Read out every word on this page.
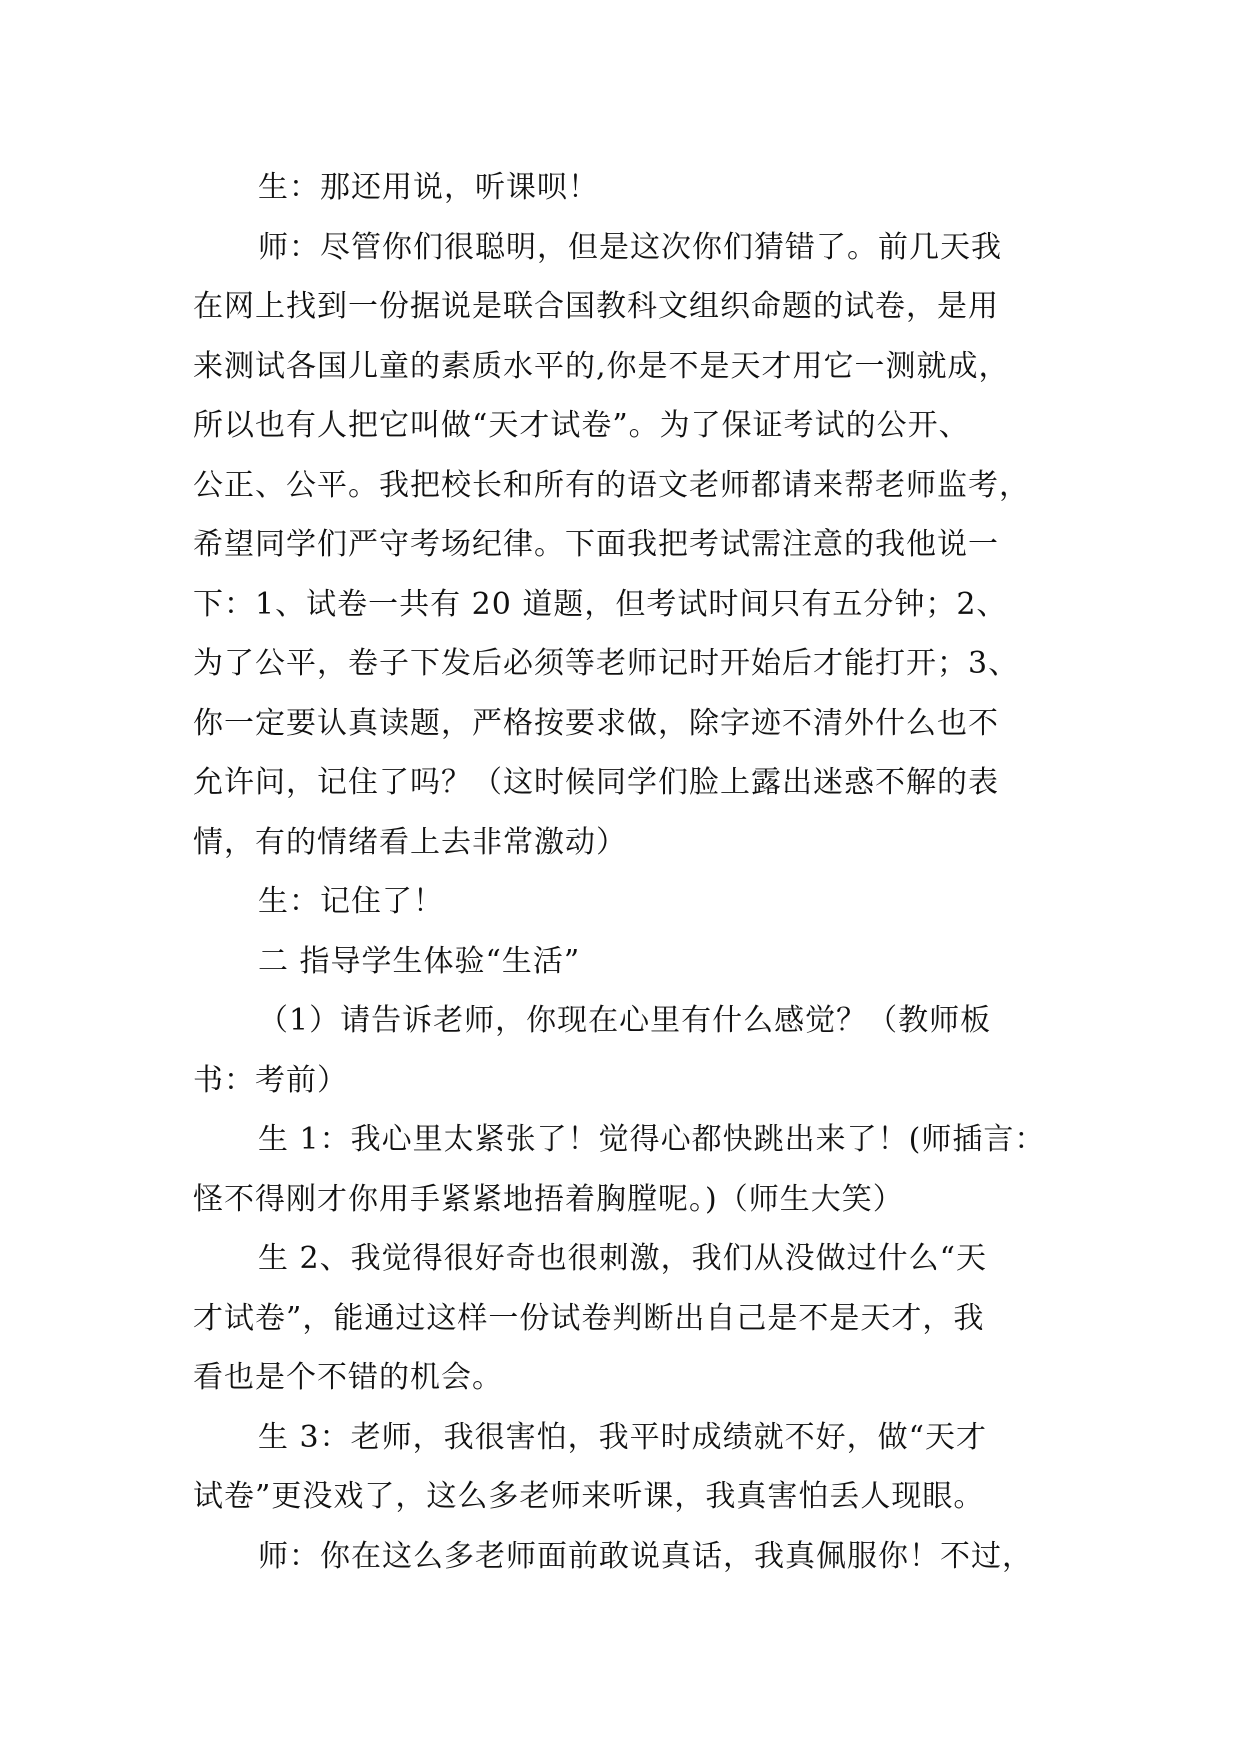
生：那还用说，听课呗！
师：尽管你们很聪明，但是这次你们猜错了。前几天我
在网上找到一份据说是联合国教科文组织命题的试卷，是用
来测试各国儿童的素质水平的,你是不是天才用它一测就成，
所以也有人把它叫做“天才试卷”。为了保证考试的公开、
公正、公平。我把校长和所有的语文老师都请来帮老师监考，
希望同学们严守考场纪律。下面我把考试需注意的我他说一
下：1、试卷一共有 20 道题，但考试时间只有五分钟；2、
为了公平，卷子下发后必须等老师记时开始后才能打开；3、
你一定要认真读题，严格按要求做，除字迹不清外什么也不
允许问，记住了吗？（这时候同学们脸上露出迷惑不解的表
情，有的情绪看上去非常激动）
生：记住了！
二 指导学生体验“生活”
（1）请告诉老师，你现在心里有什么感觉？（教师板
书：考前）
生 1：我心里太紧张了！觉得心都快跳出来了！(师插言：
怪不得刚才你用手紧紧地捂着胸膛呢。)（师生大笑）
生 2、我觉得很好奇也很刺激，我们从没做过什么“天
才试卷”，能通过这样一份试卷判断出自己是不是天才，我
看也是个不错的机会。
生 3：老师，我很害怕，我平时成绩就不好，做“天才
试卷”更没戏了，这么多老师来听课，我真害怕丢人现眼。
师：你在这么多老师面前敢说真话，我真佩服你！不过，
